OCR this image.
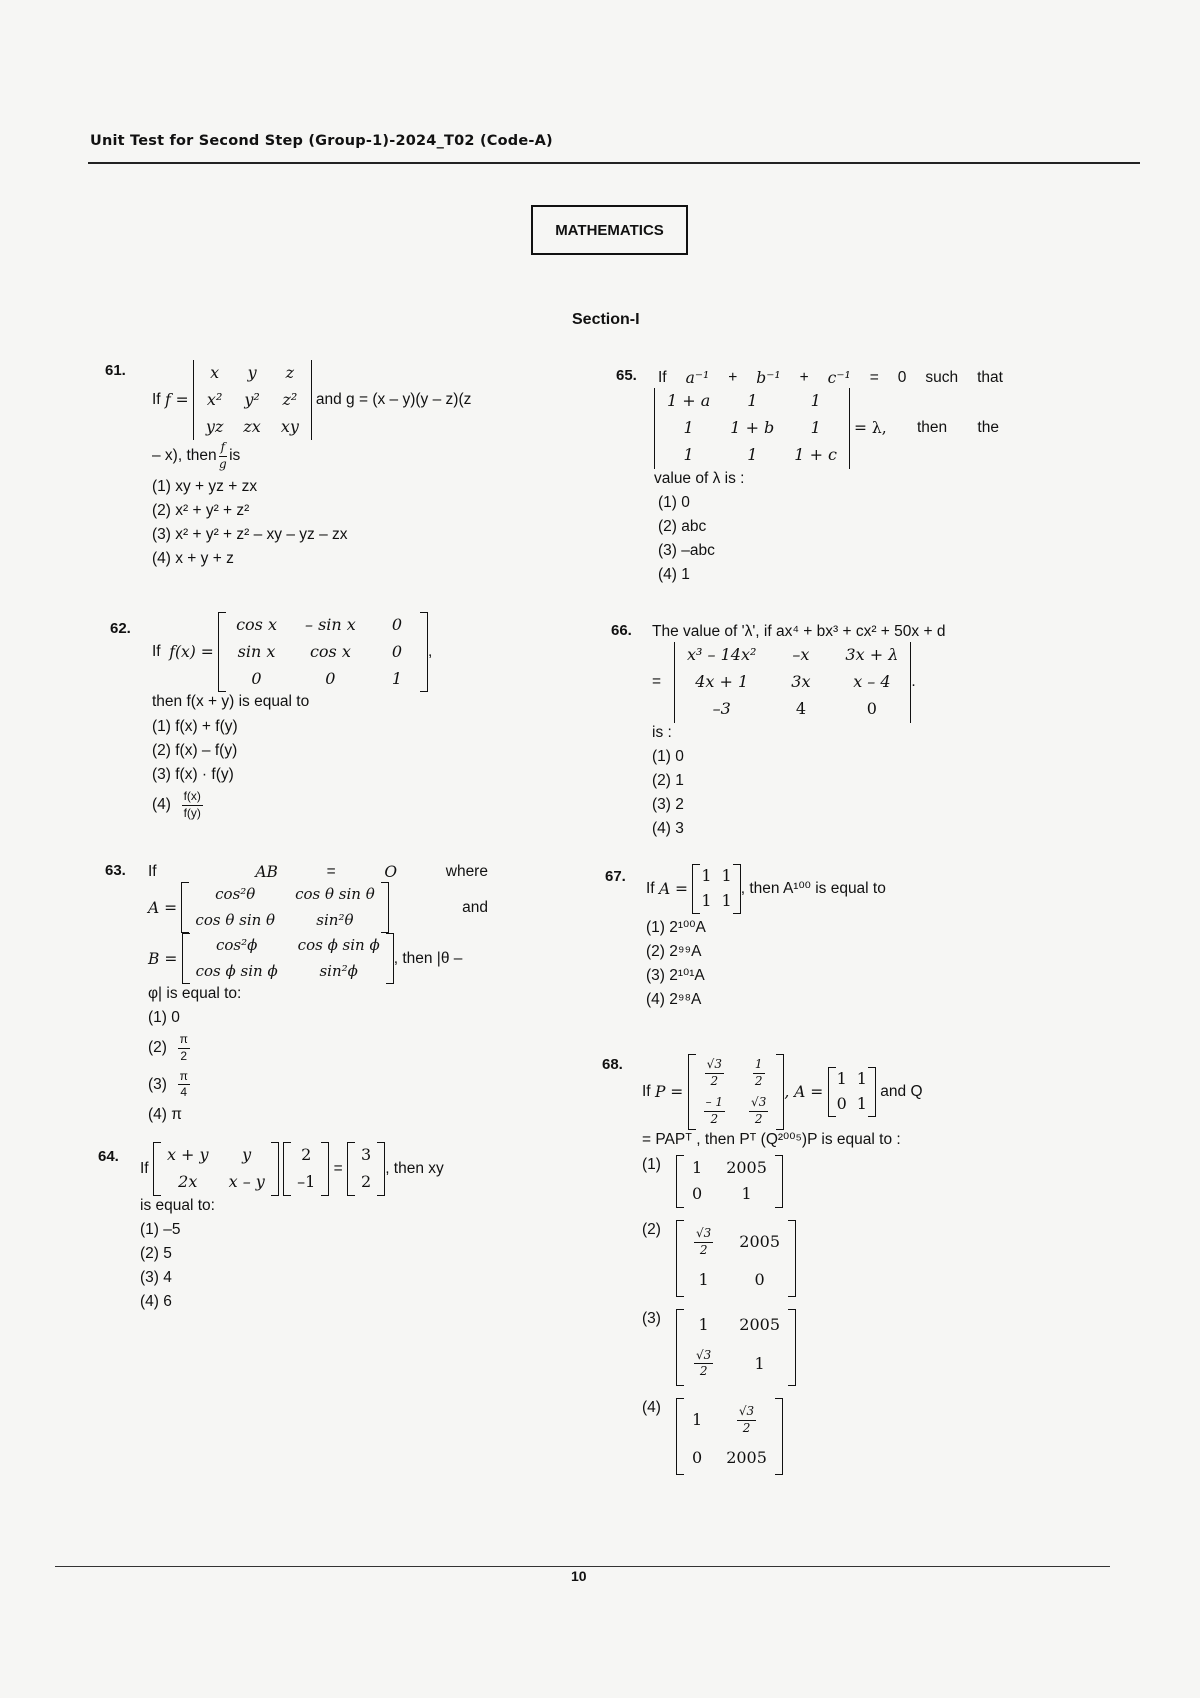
Unit Test for Second Step (Group-1)-2024_T02 (Code-A)
MATHEMATICS
Section-I
61.
If
f =

x	y	z
x²	y²	z²
yz	zx	xy
and g = (x – y)(y – z)(z
– x), then $\frac{f}{g}$ is
(1) xy + yz + zx
(2) x² + y² + z²
(3) x² + y² + z² – xy – yz – zx
(4) x + y + z
62.
If
f(x) =

cos x	– sin x	0
sin x	cos x	0
0	0	1
,
then f(x + y) is equal to
(1) f(x) + f(y)
(2) f(x) – f(y)
(3) f(x) · f(y)
(4)
$\frac{f(x)}{f(y)}$
63. If	AB	=	O	where
A =

cos²θ	cos θ sin θ
cos θ sin θ	sin²θ
and
B =

cos²ϕ	cos ϕ sin ϕ
cos ϕ sin ϕ	sin²ϕ
, then |θ –
φ| is equal to:
(1) 0
(2)
$\frac{\pi}{2}$
(3)
$\frac{\pi}{4}$
(4) π
64.
If

x + y	y
2x	x – y

2
–1

=

3
2
, then xy
is equal to:
(1) –5
(2) 5
(3) 4
(4) 6
65. If a⁻¹ + b⁻¹ + c⁻¹ = 0 such that
1 + a	1	1
1	1 + b	1
1	1	1 + c
= λ, then the
value of λ is :
(1) 0
(2) abc
(3) –abc
(4) 1
66. The value of 'λ', if ax⁴ + bx³ + cx² + 50x + d
=

x³ – 14x²	–x	3x + λ
4x + 1	3x	x – 4
–3	4	0
.
is :
(1) 0
(2) 1
(3) 2
(4) 3
67.
If
A =

1	1
1	1
, then A¹⁰⁰ is equal to
(1) 2¹⁰⁰A
(2) 2⁹⁹A
(3) 2¹⁰¹A
(4) 2⁹⁸A
68.
If
P =

$\frac{√3}{2}$	$\frac{1}{2}$

$\frac{- 1}{2}$	$\frac{√3}{2}$
, A =

1	1
0	1

and Q
= PAPᵀ , then Pᵀ (Q²⁰⁰⁵)P is equal to :
(1)	1	2005
0	1
(2)	$\frac{√3}{2}$	2005
1	0
(3)	1	2005

$\frac{√3}{2}$	1
(4)
1	$\frac{√3}{2}$

0	2005
10
